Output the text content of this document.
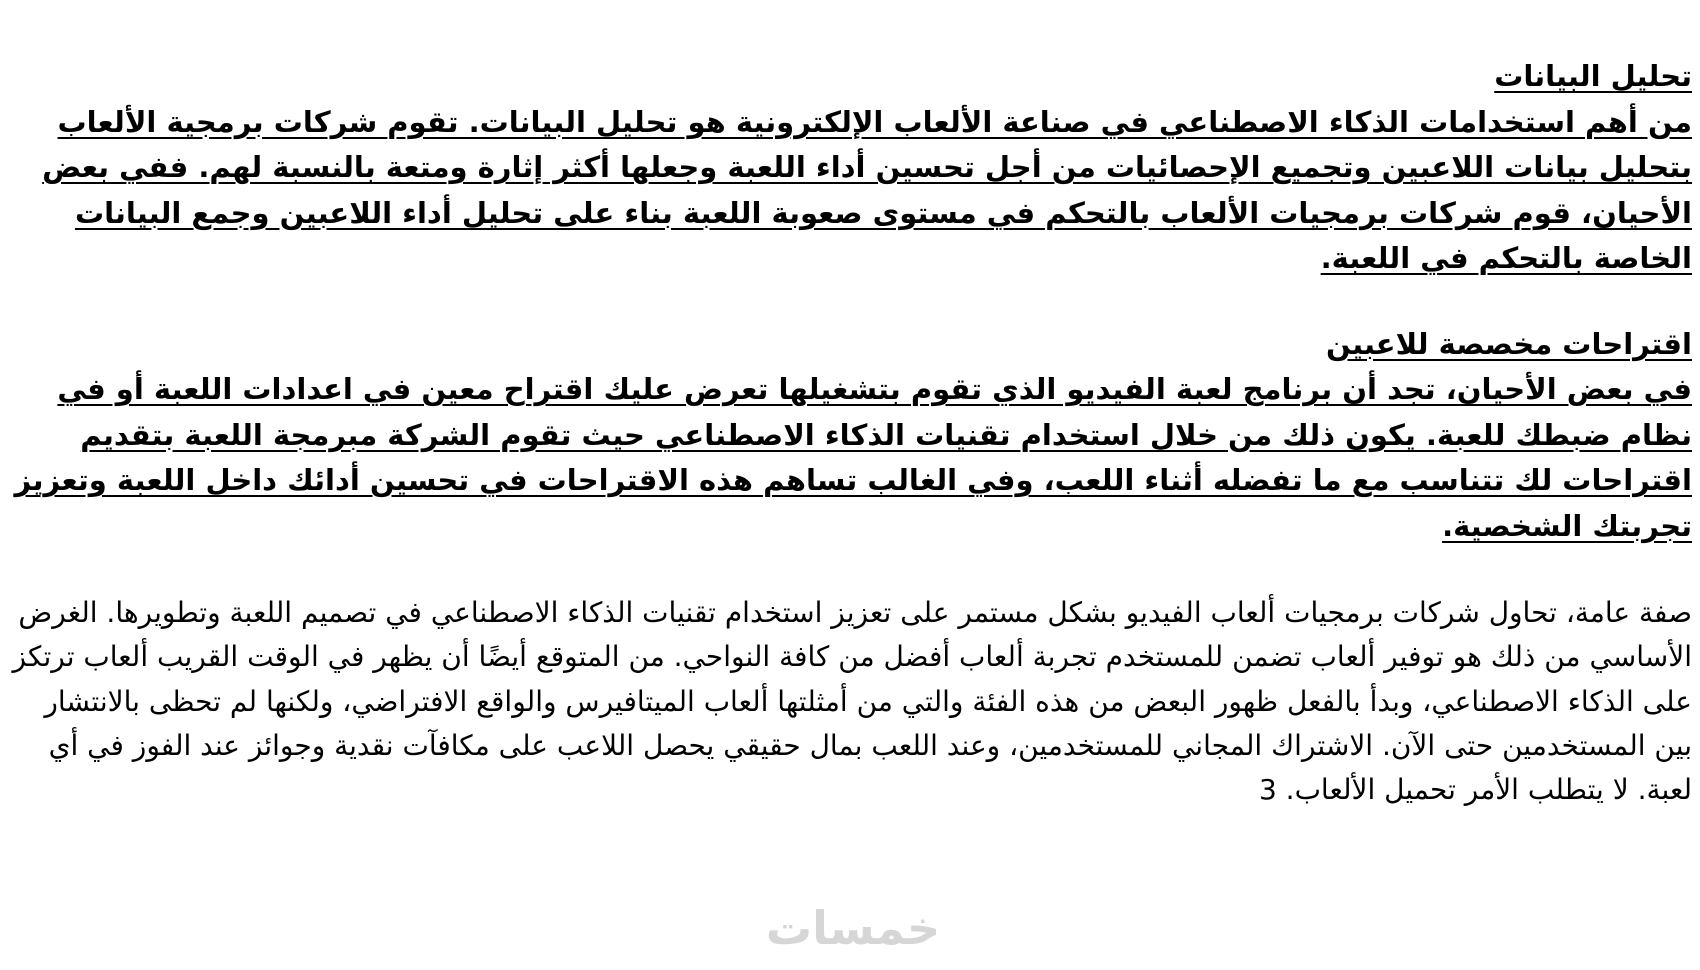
تحليل البيانات
من أهم استخدامات الذكاء الاصطناعي في صناعة الألعاب الإلكترونية هو تحليل البيانات. تقوم شركات برمجية الألعاب بتحليل بيانات اللاعبين وتجميع الإحصائيات من أجل تحسين أداء اللعبة وجعلها أكثر إثارة ومتعة بالنسبة لهم. ففي بعض الأحيان، قوم شركات برمجيات الألعاب بالتحكم في مستوى صعوبة اللعبة بناء على تحليل أداء اللاعبين وجمع البيانات الخاصة بالتحكم في اللعبة.
اقتراحات مخصصة للاعبين
في بعض الأحيان، تجد أن برنامج لعبة الفيديو الذي تقوم بتشغيلها تعرض عليك اقتراح معين في اعدادات اللعبة أو في نظام ضبطك للعبة. يكون ذلك من خلال استخدام تقنيات الذكاء الاصطناعي حيث تقوم الشركة مبرمجة اللعبة بتقديم اقتراحات لك تتناسب مع ما تفضله أثناء اللعب، وفي الغالب تساهم هذه الاقتراحات في تحسين أدائك داخل اللعبة وتعزيز تجربتك الشخصية.
صفة عامة، تحاول شركات برمجيات ألعاب الفيديو بشكل مستمر على تعزيز استخدام تقنيات الذكاء الاصطناعي في تصميم اللعبة وتطويرها. الغرض الأساسي من ذلك هو توفير ألعاب تضمن للمستخدم تجربة ألعاب أفضل من كافة النواحي. من المتوقع أيضًا أن يظهر في الوقت القريب ألعاب ترتكز على الذكاء الاصطناعي، وبدأ بالفعل ظهور البعض من هذه الفئة والتي من أمثلتها ألعاب الميتافيرس والواقع الافتراضي، ولكنها لم تحظى بالانتشار بين المستخدمين حتى الآن. الاشتراك المجاني للمستخدمين، وعند اللعب بمال حقيقي يحصل اللاعب على مكافآت نقدية وجوائز عند الفوز في أي لعبة. لا يتطلب الأمر تحميل الألعاب. 3
خمسات
